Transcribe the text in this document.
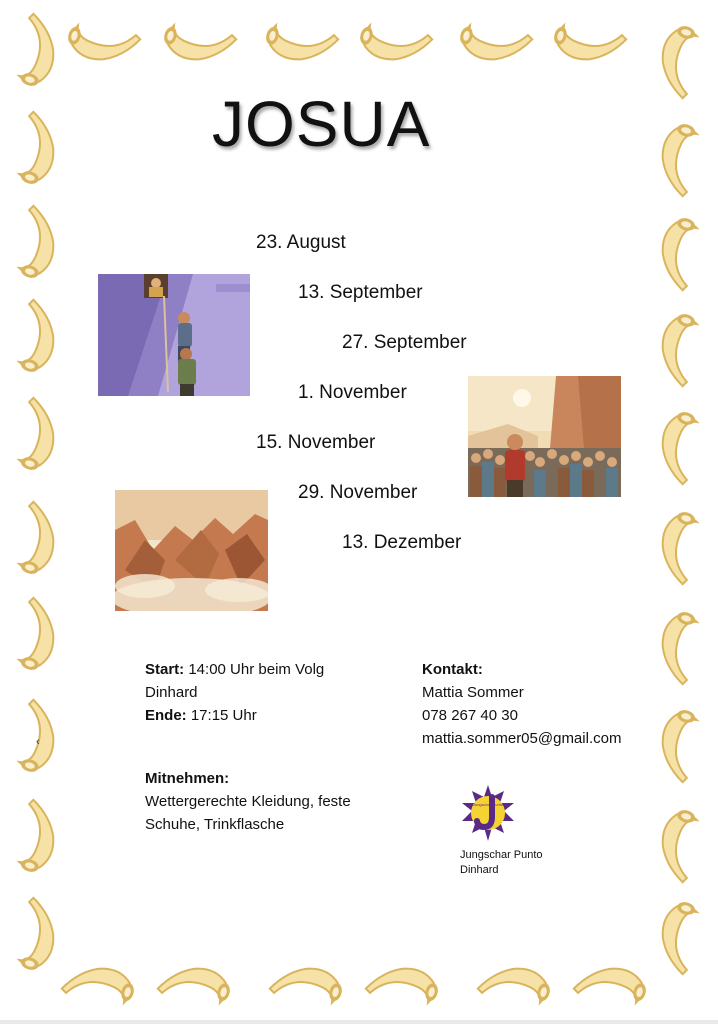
JOSUA
23. August
13. September
27. September
1. November
15. November
29. November
13. Dezember
Start: 14:00 Uhr beim Volg
Dinhard
Ende: 17:15 Uhr
Kontakt:
Mattia Sommer
078 267 40 30
mattia.sommer05@gmail.com
Mitnehmen:
Wettergerechte Kleidung, feste
Schuhe, Trinkflasche
‹
Jungschar Punto
Jungschar Punto
Dinhard
